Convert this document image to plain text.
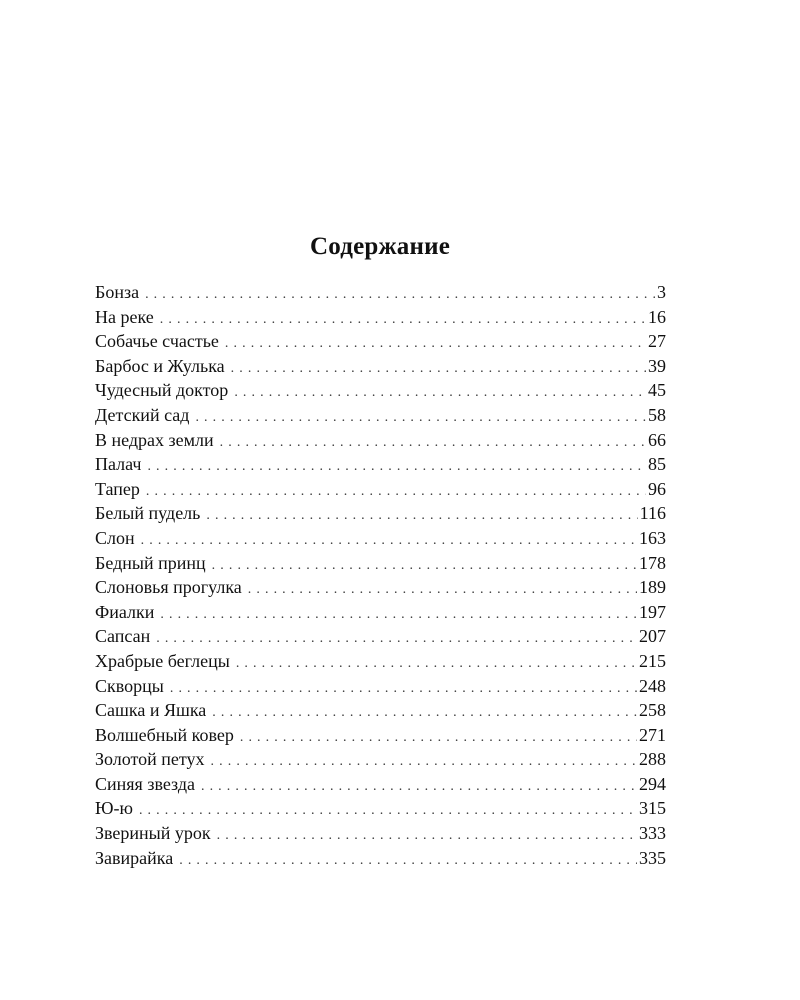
Содержание
Бонза . . .	3
На реке . . .	16
Собачье счастье . . .	27
Барбос и Жулька . . .	39
Чудесный доктор . . .	45
Детский сад . . .	58
В недрах земли . . .	66
Палач . . .	85
Тапер . . .	96
Белый пудель . . .	116
Слон . . .	163
Бедный принц . . .	178
Слоновья прогулка . . .	189
Фиалки . . .	197
Сапсан . . .	207
Храбрые беглецы . . .	215
Скворцы . . .	248
Сашка и Яшка . . .	258
Волшебный ковер . . .	271
Золотой петух . . .	288
Синяя звезда . . .	294
Ю-ю . . .	315
Звериный урок . . .	333
Завирайка . . .	335
